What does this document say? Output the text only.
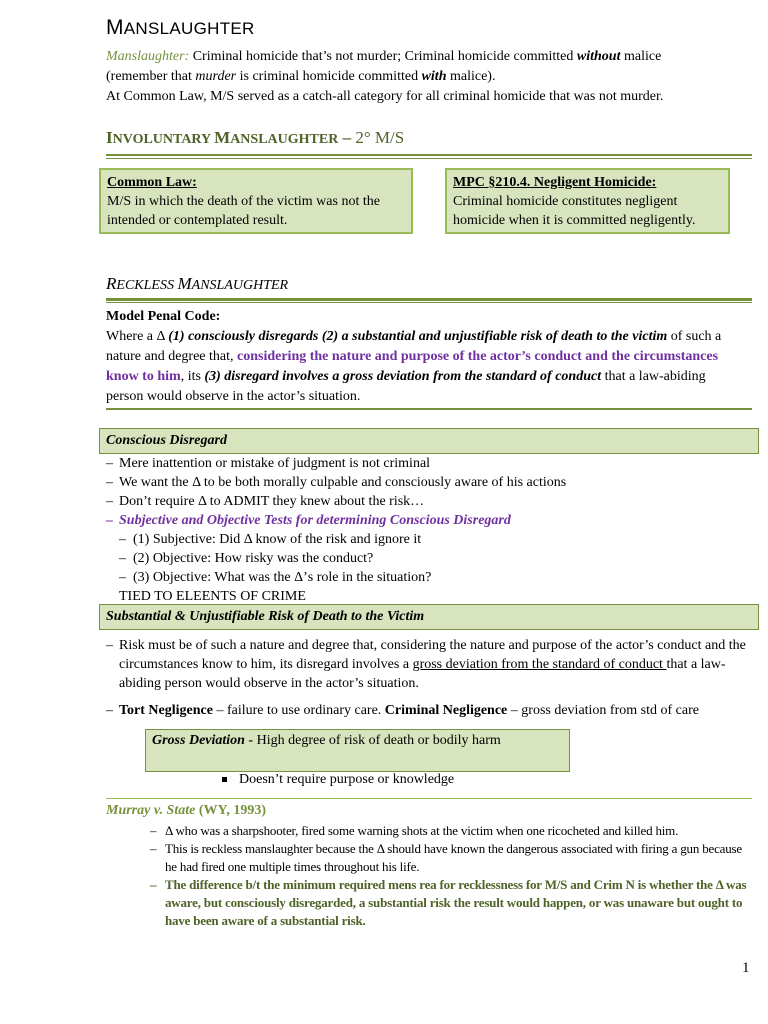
MANSLAUGHTER
Manslaughter: Criminal homicide that’s not murder; Criminal homicide committed without malice
(remember that murder is criminal homicide committed with malice).
At Common Law, M/S served as a catch-all category for all criminal homicide that was not murder.
INVOLUNTARY MANSLAUGHTER – 2° M/S
Common Law:
M/S in which the death of the victim was not the intended or contemplated result.
MPC §210.4. Negligent Homicide:
Criminal homicide constitutes negligent homicide when it is committed negligently.
RECKLESS MANSLAUGHTER
Model Penal Code:
Where a Δ (1) consciously disregards (2) a substantial and unjustifiable risk of death to the victim of such a nature and degree that, considering the nature and purpose of the actor’s conduct and the circumstances know to him, its (3) disregard involves a gross deviation from the standard of conduct that a law-abiding person would observe in the actor’s situation.
Conscious Disregard
– Mere inattention or mistake of judgment is not criminal
– We want the Δ to be both morally culpable and consciously aware of his actions
– Don’t require Δ to ADMIT they knew about the risk…
– Subjective and Objective Tests for determining Conscious Disregard
– (1) Subjective: Did Δ know of the risk and ignore it
– (2) Objective: How risky was the conduct?
– (3) Objective: What was the Δ’s role in the situation?
TIED TO ELEENTS OF CRIME
Substantial & Unjustifiable Risk of Death to the Victim
– Risk must be of such a nature and degree that, considering the nature and purpose of the actor’s conduct and the circumstances know to him, its disregard involves a gross deviation from the standard of conduct that a law-abiding person would observe in the actor’s situation.
– Tort Negligence – failure to use ordinary care. Criminal Negligence – gross deviation from std of care
Gross Deviation - High degree of risk of death or bodily harm
Doesn’t require purpose or knowledge
Murray v. State (WY, 1993)
– Δ who was a sharpshooter, fired some warning shots at the victim when one ricocheted and killed him.
– This is reckless manslaughter because the Δ should have known the dangerous associated with firing a gun because he had fired one multiple times throughout his life.
– The difference b/t the minimum required mens rea for recklessness for M/S and Crim N is whether the Δ was aware, but consciously disregarded, a substantial risk the result would happen, or was unaware but ought to have been aware of a substantial risk.
1
